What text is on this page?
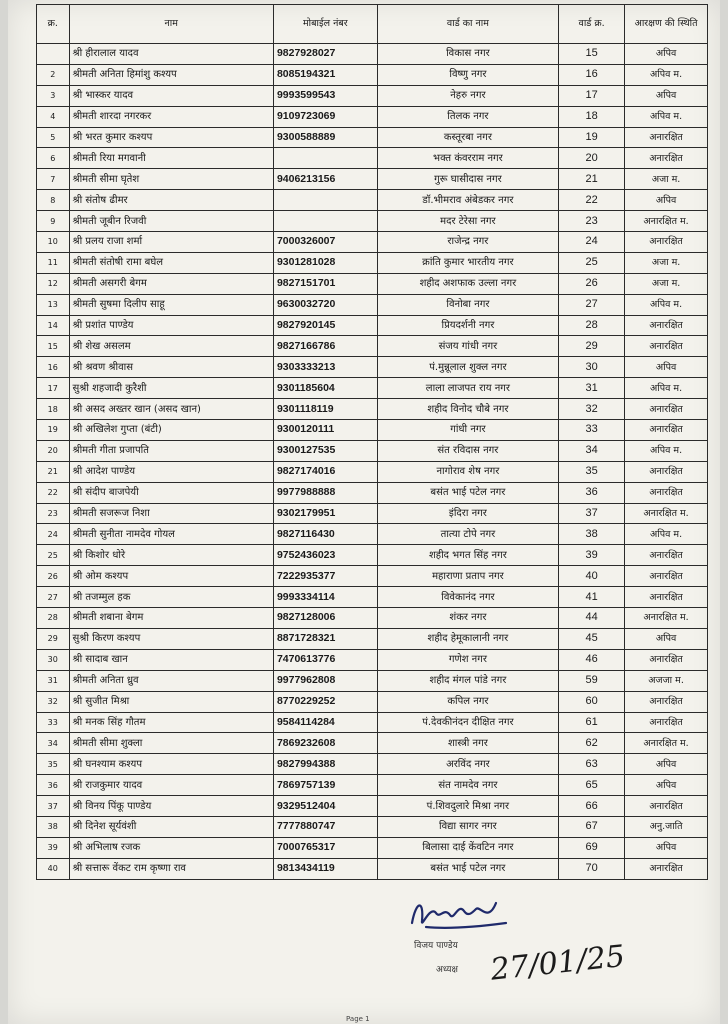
क्र.	नाम	मोबाईल नंबर	वार्ड का नाम	वार्ड क्र.	आरक्षण की स्थिति
	श्री हीरालाल यादव	9827928027	विकास नगर	15	अपिव
2	श्रीमती अनिता हिमांशु कश्यप	8085194321	विष्णु नगर	16	अपिव म.
3	श्री भास्कर यादव	9993599543	नेहरु नगर	17	अपिव
4	श्रीमती शारदा नगरकर	9109723069	तिलक नगर	18	अपिव म.
5	श्री भरत कुमार कश्यप	9300588889	कस्तूरबा नगर	19	अनारक्षित
6	श्रीमती रिया मगवानी		भक्त कंवरराम नगर	20	अनारक्षित
7	श्रीमती सीमा घृतेश	9406213156	गुरू घासीदास नगर	21	अजा म.
8	श्री संतोष ढीमर		डॉ.भीमराव अंबेडकर नगर	22	अपिव
9	श्रीमती जूबीन रिजवी		मदर टेरेसा नगर	23	अनारक्षित म.
10	श्री प्रलय राजा शर्मा	7000326007	राजेन्द्र नगर	24	अनारक्षित
11	श्रीमती संतोषी रामा बघेल	9301281028	क्रांति कुमार भारतीय नगर	25	अजा म.
12	श्रीमती असगरी बेगम	9827151701	शहीद अशफाक उल्ला नगर	26	अजा म.
13	श्रीमती सुषमा दिलीप साहू	9630032720	विनोबा नगर	27	अपिव म.
14	श्री प्रशांत पाण्डेय	9827920145	प्रियदर्शनी नगर	28	अनारक्षित
15	श्री शेख असलम	9827166786	संजय गांधी नगर	29	अनारक्षित
16	श्री श्रवण श्रीवास	9303333213	पं.मुन्नूलाल शुक्ल नगर	30	अपिव
17	सुश्री शहजादी कुरैशी	9301185604	लाला लाजपत राय नगर	31	अपिव म.
18	श्री असद अख्तर खान (असद खान)	9301118119	शहीद विनोद चौबे नगर	32	अनारक्षित
19	श्री अखिलेश गुप्ता (बंटी)	9300120111	गांधी नगर	33	अनारक्षित
20	श्रीमती गीता प्रजापति	9300127535	संत रविदास नगर	34	अपिव म.
21	श्री आदेश पाण्डेय	9827174016	नागोराव शेष नगर	35	अनारक्षित
22	श्री संदीप बाजपेयी	9977988888	बसंत भाई पटेल नगर	36	अनारक्षित
23	श्रीमती सजरूज निशा	9302179951	इंदिरा नगर	37	अनारक्षित म.
24	श्रीमती सुनीता नामदेव गोयल	9827116430	तात्या टोपे नगर	38	अपिव म.
25	श्री किशोर धोरे	9752436023	शहीद भगत सिंह नगर	39	अनारक्षित
26	श्री ओम कश्यप	7222935377	महाराणा प्रताप नगर	40	अनारक्षित
27	श्री तजम्मुल हक	9993334114	विवेकानंद नगर	41	अनारक्षित
28	श्रीमती शबाना बेगम	9827128006	शंकर नगर	44	अनारक्षित म.
29	सुश्री किरण कश्यप	8871728321	शहीद हेमूकालानी नगर	45	अपिव
30	श्री सादाब खान	7470613776	गणेश नगर	46	अनारक्षित
31	श्रीमती अनिता ध्रुव	9977962808	शहीद मंगल पांडे नगर	59	अजजा म.
32	श्री सुजीत मिश्रा	8770229252	कपिल नगर	60	अनारक्षित
33	श्री मनक सिंह गौतम	9584114284	पं.देवकीनंदन दीक्षित नगर	61	अनारक्षित
34	श्रीमती सीमा शुक्ला	7869232608	शास्त्री नगर	62	अनारक्षित म.
35	श्री घनश्याम कश्यप	9827994388	अरविंद नगर	63	अपिव
36	श्री राजकुमार यादव	7869757139	संत नामदेव नगर	65	अपिव
37	श्री विनय पिंकू पाण्डेय	9329512404	पं.शिवदुलारे मिश्रा नगर	66	अनारक्षित
38	श्री दिनेश सूर्यवंशी	7777880747	विद्या सागर नगर	67	अनु.जाति
39	श्री अभिलाष रजक	7000765317	बिलासा दाई केंवटिन नगर	69	अपिव
40	श्री सत्तारू वेंकट राम कृष्णा राव	9813434119	बसंत भाई पटेल नगर	70	अनारक्षित
विजय पाण्डेय
अध्यक्ष 27/01/25
Page 1
